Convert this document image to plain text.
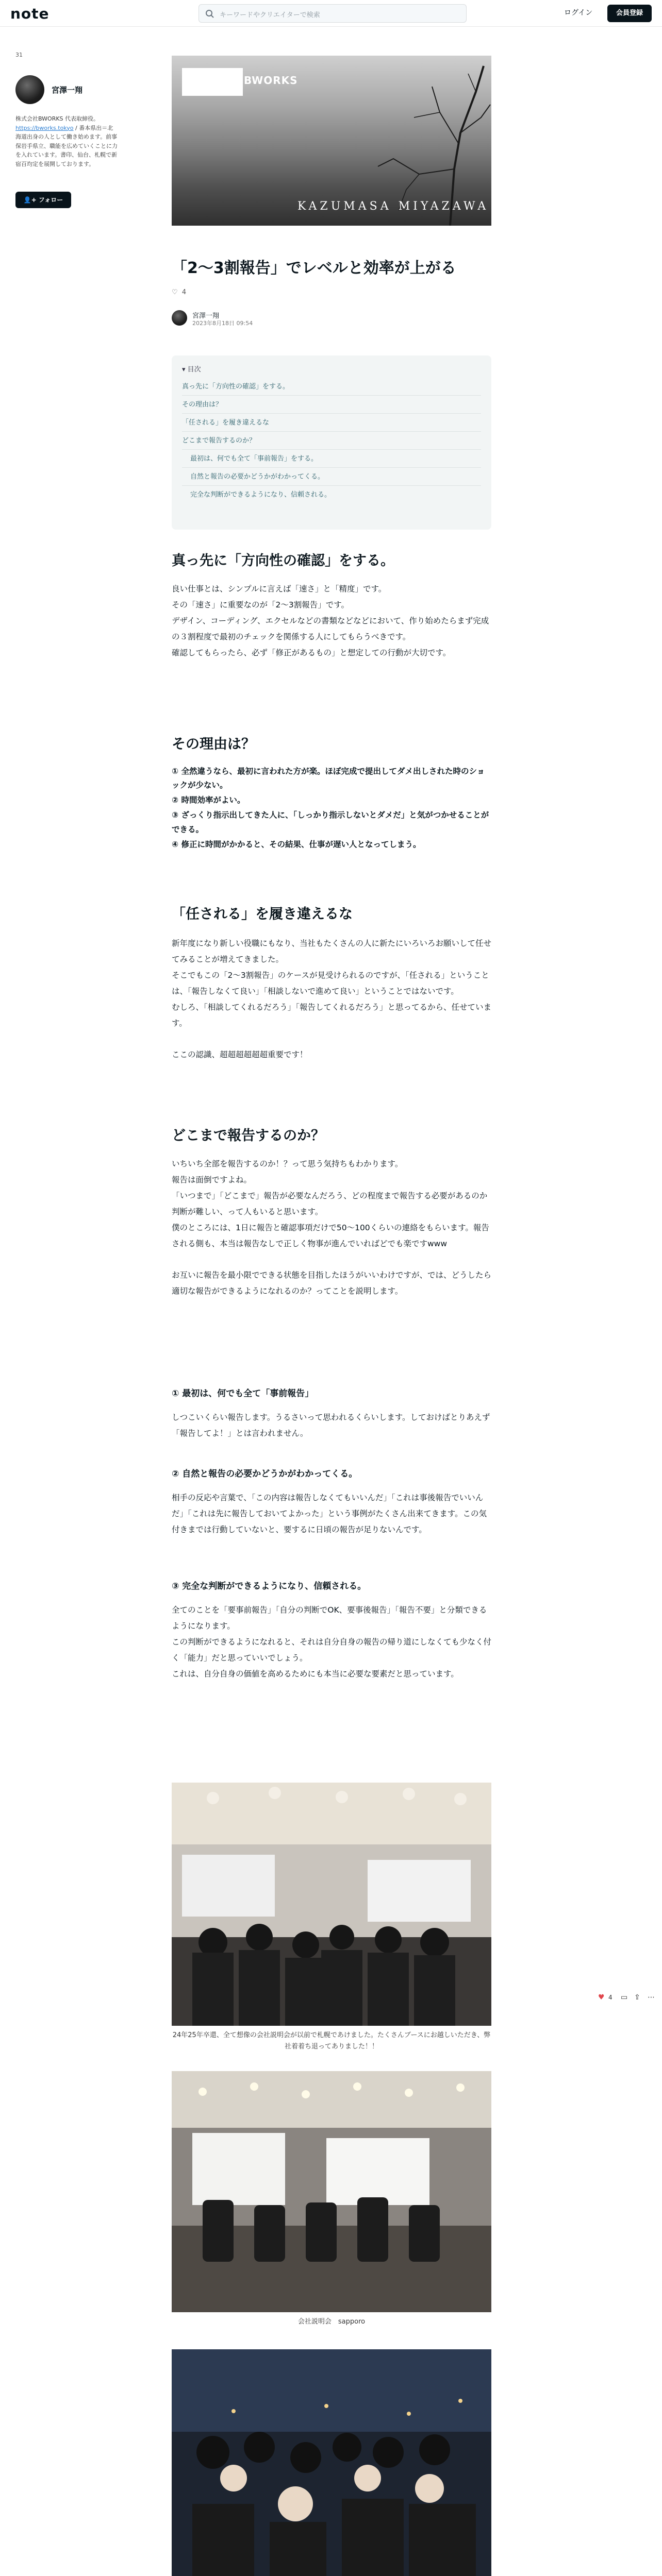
note	キーワードやクリエイターで検索	ログイン	会員登録
31
宮澤一翔
株式会社BWORKS 代表取締役。 https://bworks.tokyo / 番本県出＝北海道出身の人として働き始めます。前事保岩手県立、職能を広めていくことに力を入れています。書印、仙台、札幌で新宿百均定を展開しております。
👤+ フォロー
BWORKS
KAZUMASA MIYAZAWA
「2〜3割報告」でレベルと効率が上がる
♡ 4
宮澤一翔
2023年8月18日 09:54
▾ 目次
真っ先に「方向性の確認」をする。
その理由は？
「任される」を履き違えるな
どこまで報告するのか？
最初は、何でも全て「事前報告」をする。
自然と報告の必要かどうかがわかってくる。
完全な判断ができるようになり、信頼される。
真っ先に「方向性の確認」をする。
良い仕事とは、シンプルに言えば「速さ」と「精度」です。
その「速さ」に重要なのが「2〜3割報告」です。
デザイン、コーディング、エクセルなどの書類などなどにおいて、作り始めたらまず完成の３割程度で最初のチェックを関係する人にしてもらうべきです。
確認してもらったら、必ず「修正があるもの」と想定しての行動が大切です。
その理由は？
① 全然違うなら、最初に言われた方が楽。ほぼ完成で提出してダメ出しされた時のショックが少ない。
② 時間効率がよい。
③ ざっくり指示出してきた人に、「しっかり指示しないとダメだ」と気がつかせることができる。
④ 修正に時間がかかると、その結果、仕事が遅い人となってしまう。
「任される」を履き違えるな
新年度になり新しい役職にもなり、当社もたくさんの人に新たにいろいろお願いして任せてみることが増えてきました。
そこでもこの「2〜3割報告」のケースが見受けられるのですが、「任される」ということは、「報告しなくて良い」「相談しないで進めて良い」ということではないです。
むしろ、「相談してくれるだろう」「報告してくれるだろう」と思ってるから、任せています。
ここの認識、超超超超超超重要です！
どこまで報告するのか？
いちいち全部を報告するのか！？って思う気持ちもわかります。
報告は面倒ですよね。
「いつまで」「どこまで」報告が必要なんだろう、どの程度まで報告する必要があるのか判断が難しい、って人もいると思います。
僕のところには、1日に報告と確認事項だけで50〜100くらいの連絡をもらいます。報告される側も、本当は報告なしで正しく物事が進んでいればどでも楽ですwww
お互いに報告を最小限でできる状態を目指したほうがいいわけですが、では、どうしたら適切な報告ができるようになれるのか？ってことを説明します。
① 最初は、何でも全て「事前報告」
しつこいくらい報告します。うるさいって思われるくらいします。しておけばとりあえず「報告してよ！」とは言われません。
② 自然と報告の必要かどうかがわかってくる。
相手の反応や言葉で、「この内容は報告しなくてもいいんだ」「これは事後報告でいいんだ」「これは先に報告しておいてよかった」という事例がたくさん出来てきます。この気付きまでは行動していないと、要するに日頃の報告が足りないんです。
③ 完全な判断ができるようになり、信頼される。
全てのことを「要事前報告」「自分の判断でOK、要事後報告」「報告不要」と分類できるようになります。
この判断ができるようになれると、それは自分自身の報告の帰り道にしなくても少なく付く「能力」だと思っていいでしょう。
これは、自分自身の価値を高めるためにも本当に必要な要素だと思っています。
24年25年卒還、全て想像の会社説明会が以前で札幌であけました。たくさんブースにお越しいただき、弊社着着ち退ってありました！！
会社説明会　sapporo
♥ 4 ▭ ⇪ ⋯
